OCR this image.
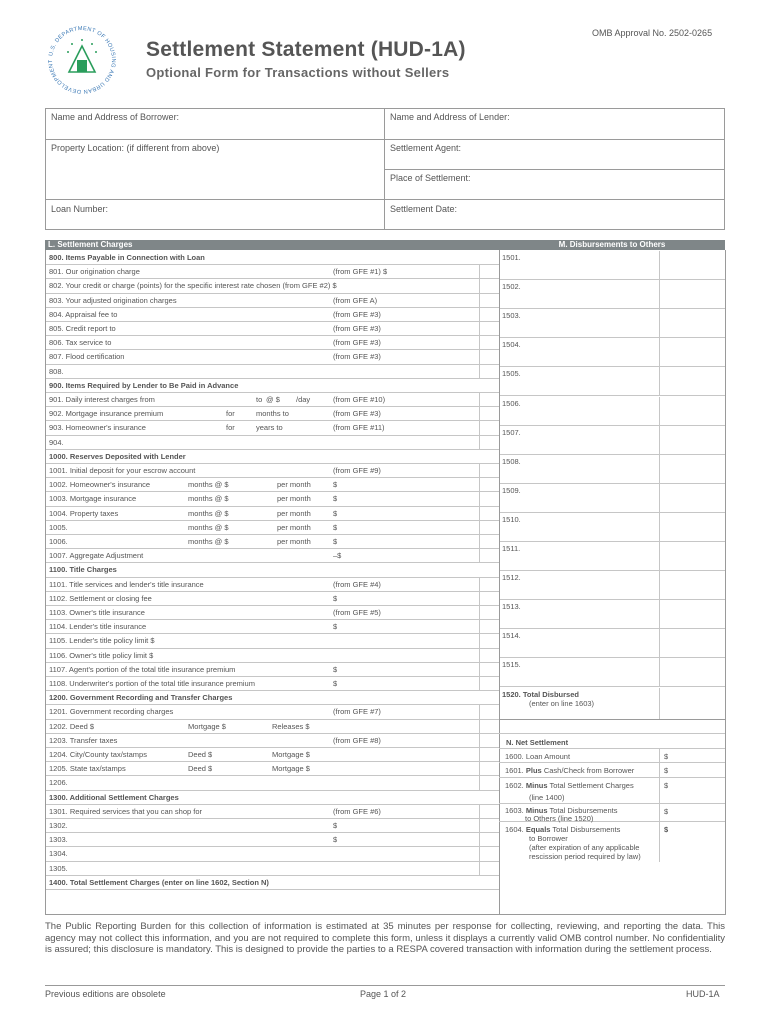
U.S. DEPARTMENT OF HOUSING AND URBAN DEVELOPMENT
OMB Approval No. 2502-0265
Settlement Statement (HUD-1A)
Optional Form for Transactions without Sellers
Name and Address of Borrower:	Name and Address of Lender:
Property Location: (if different from above)	Settlement Agent:
Place of Settlement:
Loan Number:	Settlement Date:
L. Settlement Charges	M. Disbursements to Others
800. Items Payable in Connection with Loan
801. Our origination charge	(from GFE #1) $
802. Your credit or charge (points) for the specific interest rate chosen (from GFE #2) $
803. Your adjusted origination charges	(from GFE A)
804. Appraisal fee to	(from GFE #3)
805. Credit report to	(from GFE #3)
806. Tax service to	(from GFE #3)
807. Flood certification	(from GFE #3)
808.
900. Items Required by Lender to Be Paid in Advance
901. Daily interest charges from	to @ $ /day	(from GFE #10)
902. Mortgage insurance premium	for	months to	(from GFE #3)
903. Homeowner's insurance	for	years to	(from GFE #11)
904.
1000. Reserves Deposited with Lender
1001. Initial deposit for your escrow account	(from GFE #9)
1002. Homeowner's insurance	months @ $	per month	$
1003. Mortgage insurance	months @ $	per month	$
1004. Property taxes	months @ $	per month	$
1005.	months @ $	per month	$
1006.	months @ $	per month	$
1007. Aggregate Adjustment	–$
1100. Title Charges
1101. Title services and lender's title insurance	(from GFE #4)
1102. Settlement or closing fee	$
1103. Owner's title insurance	(from GFE #5)
1104. Lender's title insurance	$
1105. Lender's title policy limit $
1106. Owner's title policy limit $
1107. Agent's portion of the total title insurance premium	$
1108. Underwriter's portion of the total title insurance premium	$
1200. Government Recording and Transfer Charges
1201. Government recording charges	(from GFE #7)
1202. Deed $	Mortgage $	Releases $
1203. Transfer taxes	(from GFE #8)
1204. City/County tax/stamps	Deed $	Mortgage $
1205. State tax/stamps	Deed $	Mortgage $
1206.
1300. Additional Settlement Charges
1301. Required services that you can shop for	(from GFE #6)
1302.	$
1303.	$
1304.
1305.
1400. Total Settlement Charges (enter on line 1602, Section N)
1501.
1502.
1503.
1504.
1505.
1506.
1507.
1508.
1509.
1510.
1511.
1512.
1513.
1514.
1515.
1520. Total Disbursed
(enter on line 1603)
N. Net Settlement
1600. Loan Amount	$
1601. Plus Cash/Check from Borrower	$
1602. Minus Total Settlement Charges
(line 1400)
$
1603. Minus Total Disbursements
to Others (line 1520)
$
1604. Equals Total Disbursements
to Borrower
(after expiration of any applicable
rescission period required by law)
$
The Public Reporting Burden for this collection of information is estimated at 35 minutes per response for collecting, reviewing, and reporting the data. This agency may not collect this information, and you are not required to complete this form, unless it displays a currently valid OMB control number. No confidentiality is assured; this disclosure is mandatory. This is designed to provide the parties to a RESPA covered transaction with information during the settlement process.
Previous editions are obsolete	Page 1 of 2	HUD-1A
